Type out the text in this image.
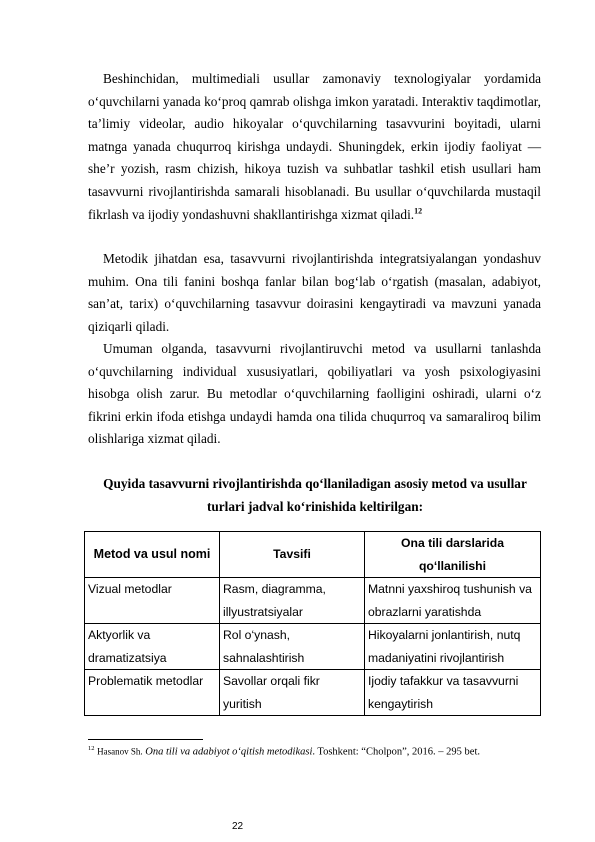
Beshinchidan, multimediali usullar zamonaviy texnologiyalar yordamida o‘quvchilarni yanada ko‘proq qamrab olishga imkon yaratadi. Interaktiv taqdimotlar, ta’limiy videolar, audio hikoyalar o‘quvchilarning tasavvurini boyitadi, ularni matnga yanada chuqurroq kirishga undaydi. Shuningdek, erkin ijodiy faoliyat — she’r yozish, rasm chizish, hikoya tuzish va suhbatlar tashkil etish usullari ham tasavvurni rivojlantirishda samarali hisoblanadi. Bu usullar o‘quvchilarda mustaqil fikrlash va ijodiy yondashuvni shakllantirishga xizmat qiladi.$^{12}$

Metodik jihatdan esa, tasavvurni rivojlantirishda integratsiyalangan yondashuv muhim. Ona tili fanini boshqa fanlar bilan bog‘lab o‘rgatish (masalan, adabiyot, san’at, tarix) o‘quvchilarning tasavvur doirasini kengaytiradi va mavzuni yanada qiziqarli qiladi.

Umuman olganda, tasavvurni rivojlantiruvchi metod va usullarni tanlashda o‘quvchilarning individual xususiyatlari, qobiliyatlari va yosh psixologiyasini hisobga olish zarur. Bu metodlar o‘quvchilarning faolligini oshiradi, ularni o‘z fikrini erkin ifoda etishga undaydi hamda ona tilida chuqurroq va samaraliroq bilim olishlariga xizmat qiladi.

Quyida tasavvurni rivojlantirishda qo‘llaniladigan asosiy metod va usullar turlari jadval ko‘rinishida keltirilgan:

Metod va usul nomi	Tavsifi	Ona tili darslarida qo‘llanilishi
Vizual metodlar	Rasm, diagramma, illyustratsiyalar	Matnni yaxshiroq tushunish va obrazlarni yaratishda
Aktyorlik va dramatizatsiya	Rol o‘ynash, sahnalashtirish	Hikoyalarni jonlantirish, nutq madaniyatini rivojlantirish
Problematik metodlar	Savollar orqali fikr yuritish	Ijodiy tafakkur va tasavvurni kengaytirish

$^{12}$ Hasanov Sh. Ona tili va adabiyot o‘qitish metodikasi. Toshkent: “Cholpon”, 2016. – 295 bet.

22
